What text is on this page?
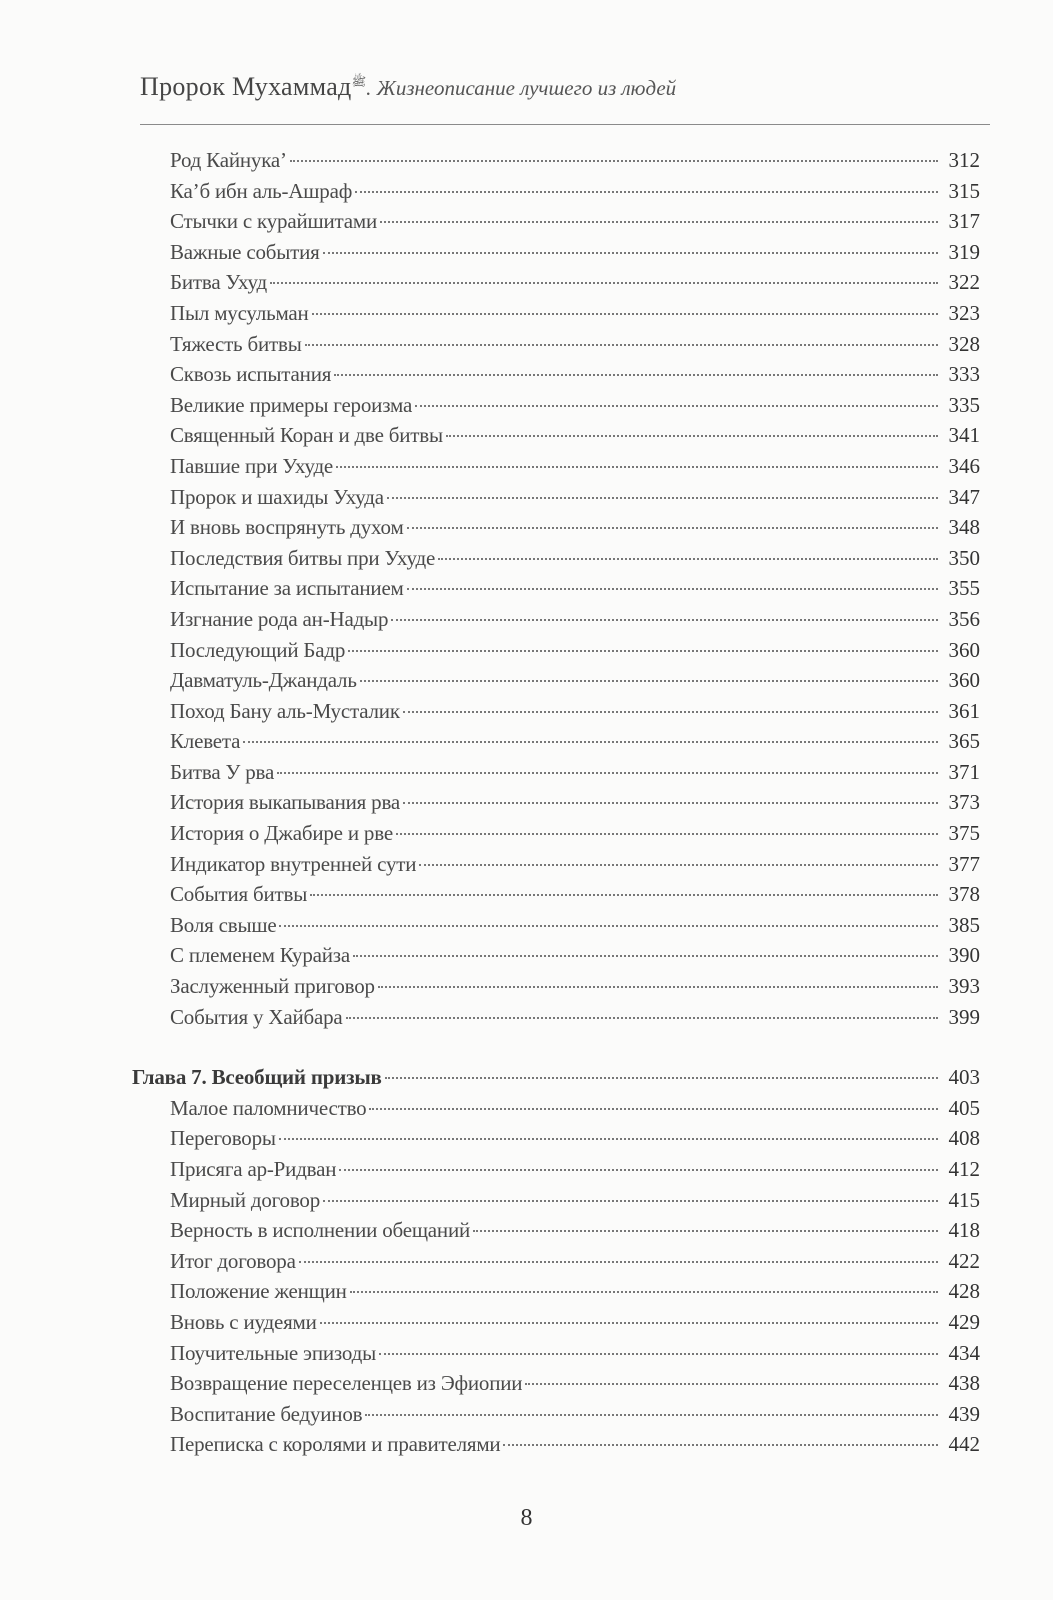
Пророк Мухаммад$^ﷺ$. Жизнеописание лучшего из людей
Род Кайнука’	312
Ка’б ибн аль-Ашраф	315
Стычки с курайшитами	317
Важные события	319
Битва Ухуд	322
Пыл мусульман	323
Тяжесть битвы	328
Сквозь испытания	333
Великие примеры героизма	335
Священный Коран и две битвы	341
Павшие при Ухуде	346
Пророк и шахиды Ухуда	347
И вновь воспрянуть духом	348
Последствия битвы при Ухуде	350
Испытание за испытанием	355
Изгнание рода ан-Надыр	356
Последующий Бадр	360
Давматуль-Джандаль	360
Поход Бану аль-Мусталик	361
Клевета	365
Битва У рва	371
История выкапывания рва	373
История о Джабире и рве	375
Индикатор внутренней сути	377
События битвы	378
Воля свыше	385
С племенем Курайза	390
Заслуженный приговор	393
События у Хайбара	399
Глава 7. Всеобщий призыв	403
Малое паломничество	405
Переговоры	408
Присяга ар-Ридван	412
Мирный договор	415
Верность в исполнении обещаний	418
Итог договора	422
Положение женщин	428
Вновь с иудеями	429
Поучительные эпизоды	434
Возвращение переселенцев из Эфиопии	438
Воспитание бедуинов	439
Переписка с королями и правителями	442
8
